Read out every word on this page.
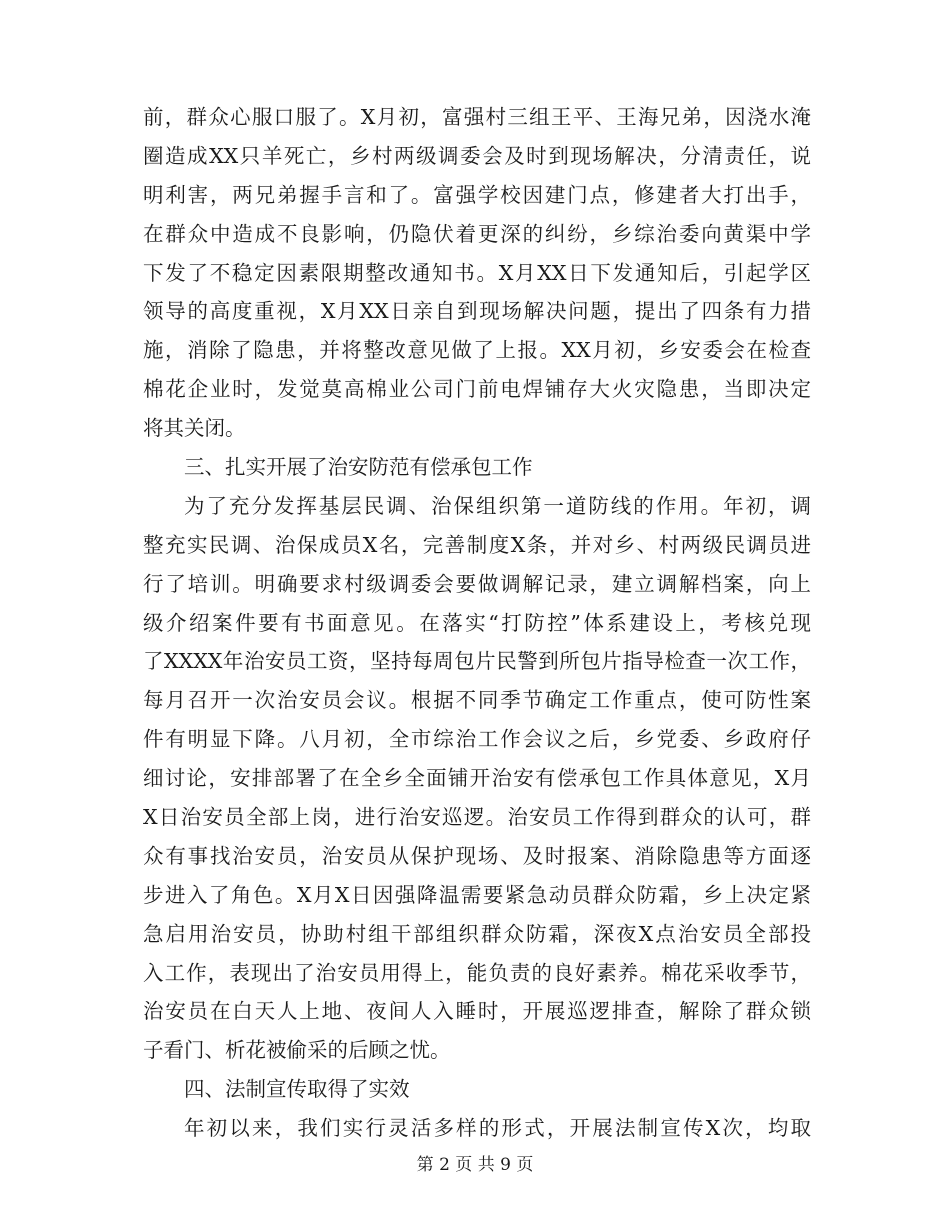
前，群众心服口服了。X月初，富强村三组王平、王海兄弟，因浇水淹
圈造成XX只羊死亡，乡村两级调委会及时到现场解决，分清责任，说
明利害，两兄弟握手言和了。富强学校因建门点，修建者大打出手，
在群众中造成不良影响，仍隐伏着更深的纠纷，乡综治委向黄渠中学
下发了不稳定因素限期整改通知书。X月XX日下发通知后，引起学区
领导的高度重视，X月XX日亲自到现场解决问题，提出了四条有力措
施，消除了隐患，并将整改意见做了上报。XX月初，乡安委会在检查
棉花企业时，发觉莫高棉业公司门前电焊铺存大火灾隐患，当即决定
将其关闭。
三、扎实开展了治安防范有偿承包工作
为了充分发挥基层民调、治保组织第一道防线的作用。年初，调
整充实民调、治保成员X名，完善制度X条，并对乡、村两级民调员进
行了培训。明确要求村级调委会要做调解记录，建立调解档案，向上
级介绍案件要有书面意见。在落实“打防控”体系建设上，考核兑现
了XXXX年治安员工资，坚持每周包片民警到所包片指导检查一次工作，
每月召开一次治安员会议。根据不同季节确定工作重点，使可防性案
件有明显下降。八月初，全市综治工作会议之后，乡党委、乡政府仔
细讨论，安排部署了在全乡全面铺开治安有偿承包工作具体意见，X月
X日治安员全部上岗，进行治安巡逻。治安员工作得到群众的认可，群
众有事找治安员，治安员从保护现场、及时报案、消除隐患等方面逐
步进入了角色。X月X日因强降温需要紧急动员群众防霜，乡上决定紧
急启用治安员，协助村组干部组织群众防霜，深夜X点治安员全部投
入工作，表现出了治安员用得上，能负责的良好素养。棉花采收季节，
治安员在白天人上地、夜间人入睡时，开展巡逻排查，解除了群众锁
子看门、析花被偷采的后顾之忧。
四、法制宣传取得了实效
年初以来，我们实行灵活多样的形式，开展法制宣传X次，均取
第 2 页 共 9 页
